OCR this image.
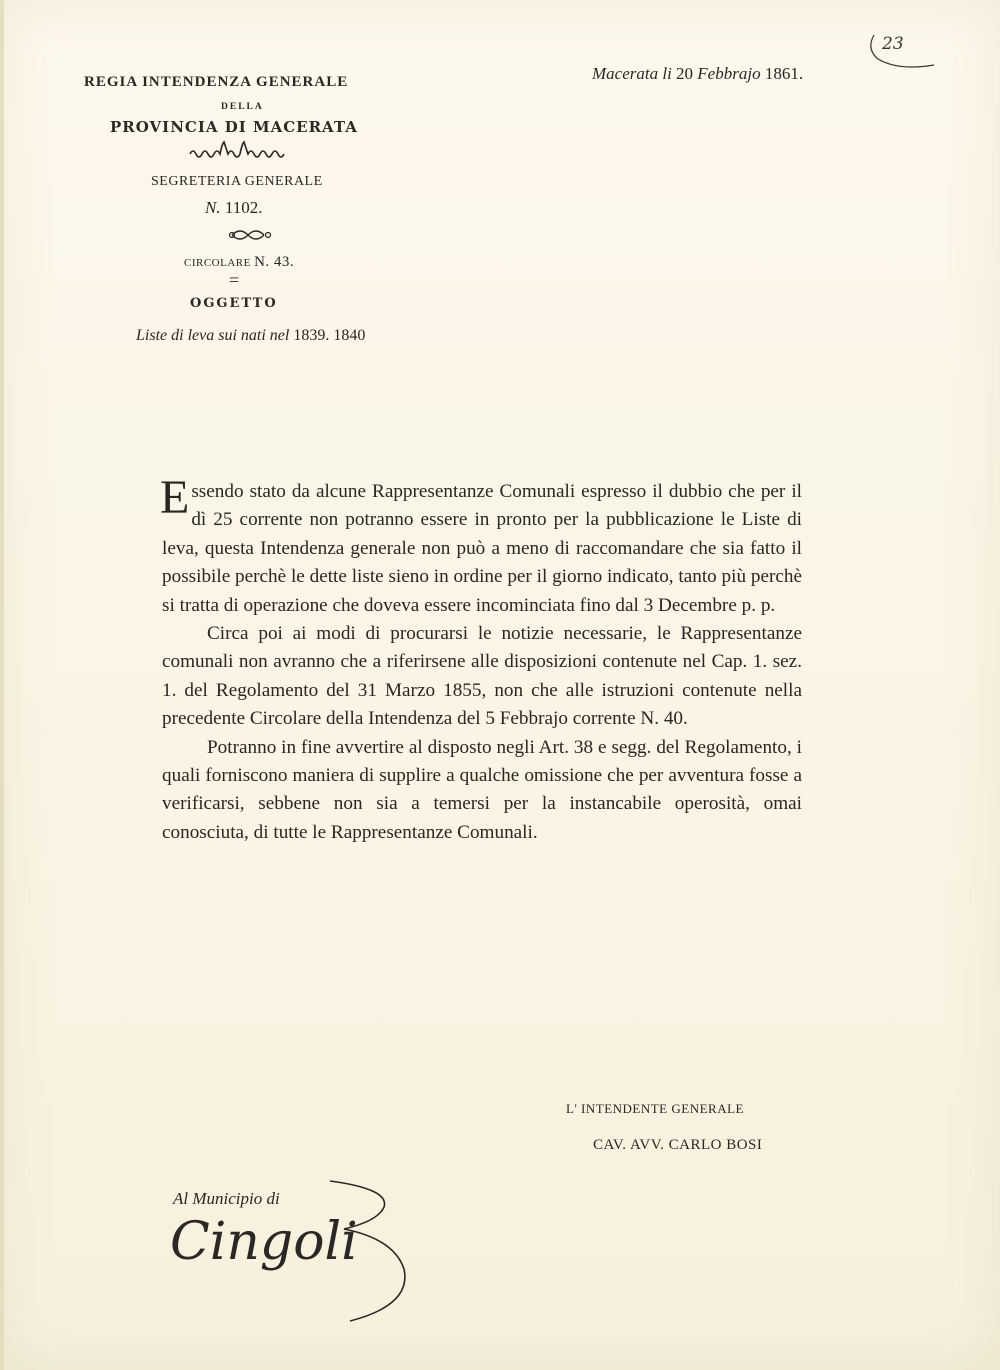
REGIA INTENDENZA GENERALE
DELLA
PROVINCIA DI MACERATA
SEGRETERIA GENERALE
N. 1102.
CIRCOLARE N. 43.
=
OGGETTO
Liste di leva sui nati nel 1839. 1840
Macerata li 20 Febbrajo 1861.
23

Essendo stato da alcune Rappresentanze Comunali espresso il dubbio che per il dì 25 corrente non potranno essere in pronto per la pubblicazione le Liste di leva, questa Intendenza generale non può a meno di raccomandare che sia fatto il possibile perchè le dette liste sieno in ordine per il giorno indicato, tanto più perchè si tratta di operazione che doveva essere incominciata fino dal 3 Decembre p. p.

Circa poi ai modi di procurarsi le notizie necessarie, le Rappresentanze comunali non avranno che a riferirsene alle disposizioni contenute nel Cap. 1. sez. 1. del Regolamento del 31 Marzo 1855, non che alle istruzioni contenute nella precedente Circolare della Intendenza del 5 Febbrajo corrente N. 40.

Potranno in fine avvertire al disposto negli Art. 38 e segg. del Regolamento, i quali forniscono maniera di supplire a qualche omissione che per avventura fosse a verificarsi, sebbene non sia a temersi per la instancabile operosità, omai conosciuta, di tutte le Rappresentanze Comunali.

L' INTENDENTE GENERALE
CAV. AVV. CARLO BOSI
Al Municipio di
Cingoli
